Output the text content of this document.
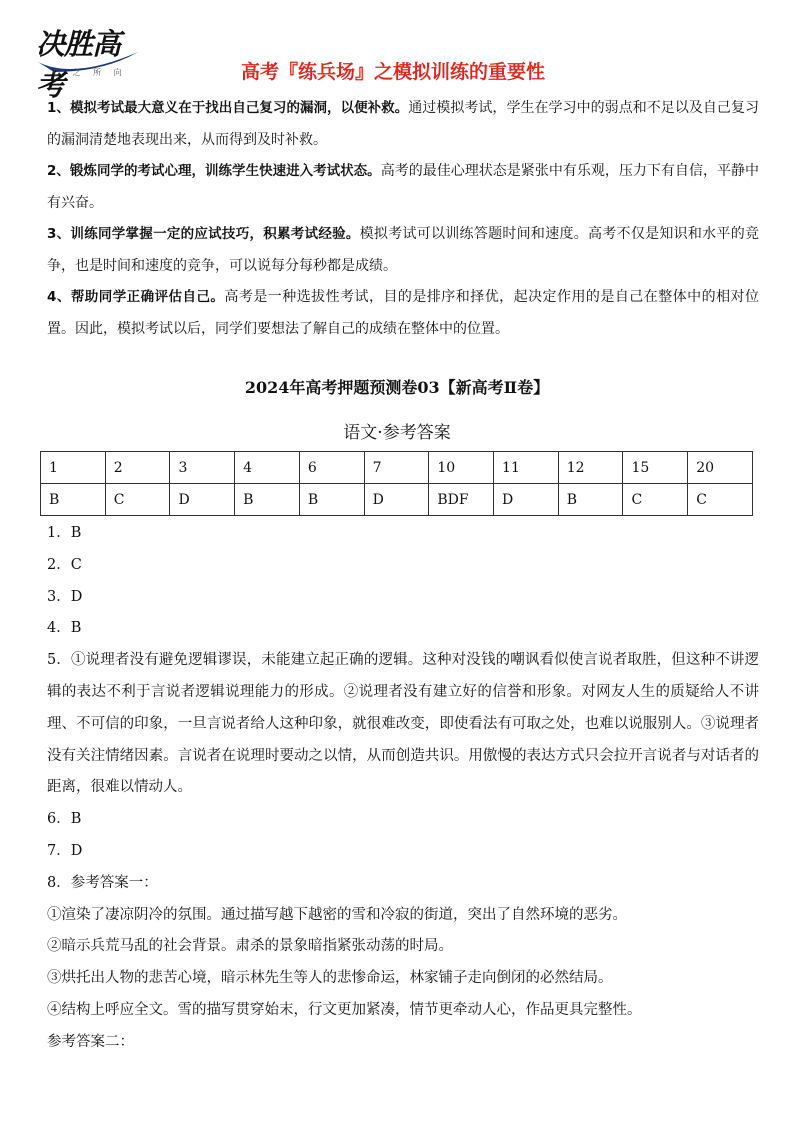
决胜高考
心 之 所 向	高考『练兵场』之模拟训练的重要性

1、模拟考试最大意义在于找出自己复习的漏洞，以便补救。通过模拟考试，学生在学习中的弱点和不足以及自己复习的漏洞清楚地表现出来，从而得到及时补救。

2、锻炼同学的考试心理，训练学生快速进入考试状态。高考的最佳心理状态是紧张中有乐观，压力下有自信，平静中有兴奋。

3、训练同学掌握一定的应试技巧，积累考试经验。模拟考试可以训练答题时间和速度。高考不仅是知识和水平的竞争，也是时间和速度的竞争，可以说每分每秒都是成绩。

4、帮助同学正确评估自己。高考是一种选拔性考试，目的是排序和择优，起决定作用的是自己在整体中的相对位置。因此，模拟考试以后，同学们要想法了解自己的成绩在整体中的位置。

2024年高考押题预测卷03【新高考Ⅱ卷】
语文·参考答案
1	2	3	4	6	7	10	11	12	15	20
B	C	D	B	B	D	BDF	D	B	C	C

1．B

2．C

3．D

4．B

5．①说理者没有避免逻辑谬误，未能建立起正确的逻辑。这种对没钱的嘲讽看似使言说者取胜，但这种不讲逻辑的表达不利于言说者逻辑说理能力的形成。②说理者没有建立好的信誉和形象。对网友人生的质疑给人不讲理、不可信的印象，一旦言说者给人这种印象，就很难改变，即使看法有可取之处，也难以说服别人。③说理者没有关注情绪因素。言说者在说理时要动之以情，从而创造共识。用傲慢的表达方式只会拉开言说者与对话者的距离，很难以情动人。

6．B

7．D

8．参考答案一：

①渲染了凄凉阴冷的氛围。通过描写越下越密的雪和冷寂的街道，突出了自然环境的恶劣。

②暗示兵荒马乱的社会背景。肃杀的景象暗指紧张动荡的时局。

③烘托出人物的悲苦心境，暗示林先生等人的悲惨命运，林家铺子走向倒闭的必然结局。

④结构上呼应全文。雪的描写贯穿始末，行文更加紧凑，情节更牵动人心，作品更具完整性。

参考答案二：
